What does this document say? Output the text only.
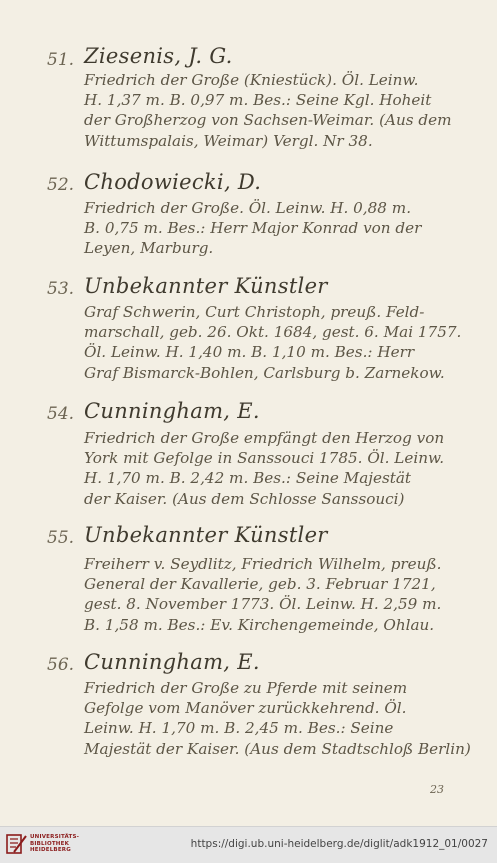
51. Ziesenis, J. G.
Friedrich der Große (Kniestück). Öl. Leinw.
H. 1,37 m. B. 0,97 m. Bes.: Seine Kgl. Hoheit
der Großherzog von Sachsen-Weimar. (Aus dem
Wittumspalais, Weimar) Vergl. Nr 38.
52. Chodowiecki, D.
Friedrich der Große. Öl. Leinw. H. 0,88 m.
B. 0,75 m. Bes.: Herr Major Konrad von der
Leyen, Marburg.
53. Unbekannter Künstler
Graf Schwerin, Curt Christoph, preuß. Feld-
marschall, geb. 26. Okt. 1684, gest. 6. Mai 1757.
Öl. Leinw. H. 1,40 m. B. 1,10 m. Bes.: Herr
Graf Bismarck-Bohlen, Carlsburg b. Zarnekow.
54. Cunningham, E.
Friedrich der Große empfängt den Herzog von
York mit Gefolge in Sanssouci 1785. Öl. Leinw.
H. 1,70 m. B. 2,42 m. Bes.: Seine Majestät
der Kaiser. (Aus dem Schlosse Sanssouci)
55. Unbekannter Künstler
Freiherr v. Seydlitz, Friedrich Wilhelm, preuß.
General der Kavallerie, geb. 3. Februar 1721,
gest. 8. November 1773. Öl. Leinw. H. 2,59 m.
B. 1,58 m. Bes.: Ev. Kirchengemeinde, Ohlau.
56. Cunningham, E.
Friedrich der Große zu Pferde mit seinem
Gefolge vom Manöver zurückkehrend. Öl.
Leinw. H. 1,70 m. B. 2,45 m. Bes.: Seine
Majestät der Kaiser. (Aus dem Stadtschloß Berlin)
23
UNIVERSITÄTS-
BIBLIOTHEK
HEIDELBERG	https://digi.ub.uni-heidelberg.de/diglit/adk1912_01/0027
